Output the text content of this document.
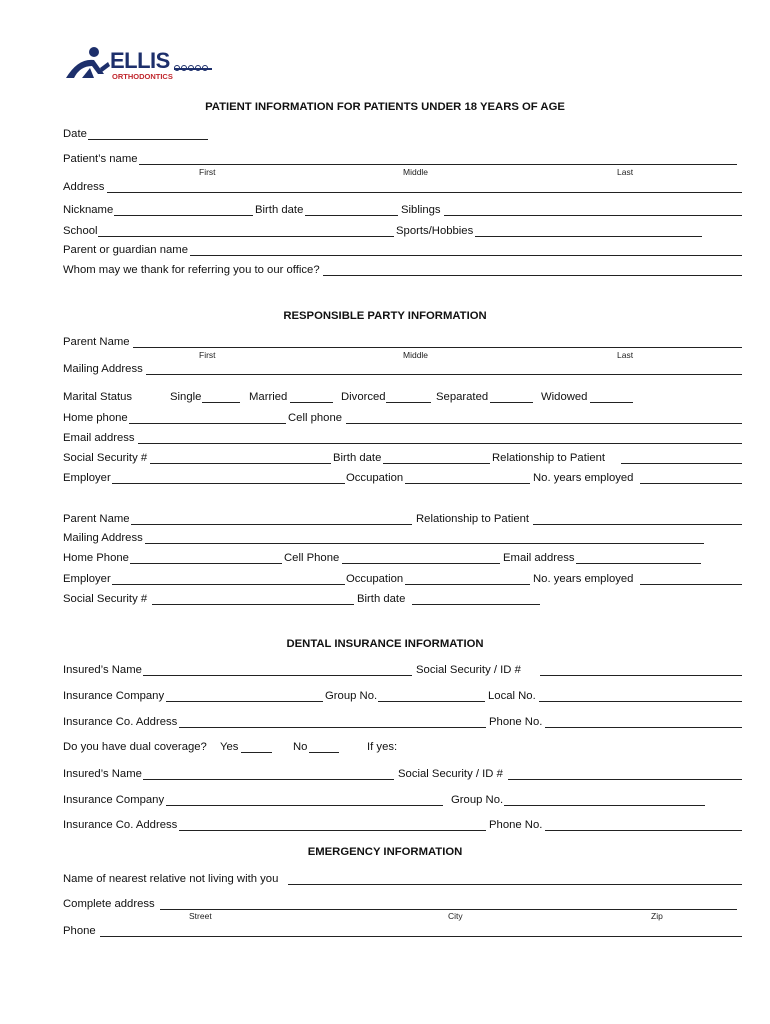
ELLIS
ORTHODONTICS
PATIENT INFORMATION FOR PATIENTS UNDER 18 YEARS OF AGE
Date
Patient’s name
First	Middle	Last
Address
Nickname	Birth date	Siblings
School	Sports/Hobbies
Parent or guardian name
Whom may we thank for referring you to our office?
RESPONSIBLE PARTY INFORMATION
Parent Name
First	Middle	Last
Mailing Address
Marital Status	Single	Married	Divorced	Separated	Widowed
Home phone	Cell phone
Email address
Social Security #	Birth date	Relationship to Patient
Employer	Occupation	No. years employed
Parent Name	Relationship to Patient
Mailing Address
Home Phone	Cell Phone	Email address
Employer	Occupation	No. years employed
Social Security #	Birth date
DENTAL INSURANCE INFORMATION
Insured’s Name	Social Security / ID #
Insurance Company	Group No.	Local No.
Insurance Co. Address	Phone No.
Do you have dual coverage? Yes	No	If yes:
Insured’s Name	Social Security / ID #
Insurance Company	Group No.
Insurance Co. Address	Phone No.
EMERGENCY INFORMATION
Name of nearest relative not living with you
Complete address
Street	City	Zip
Phone
